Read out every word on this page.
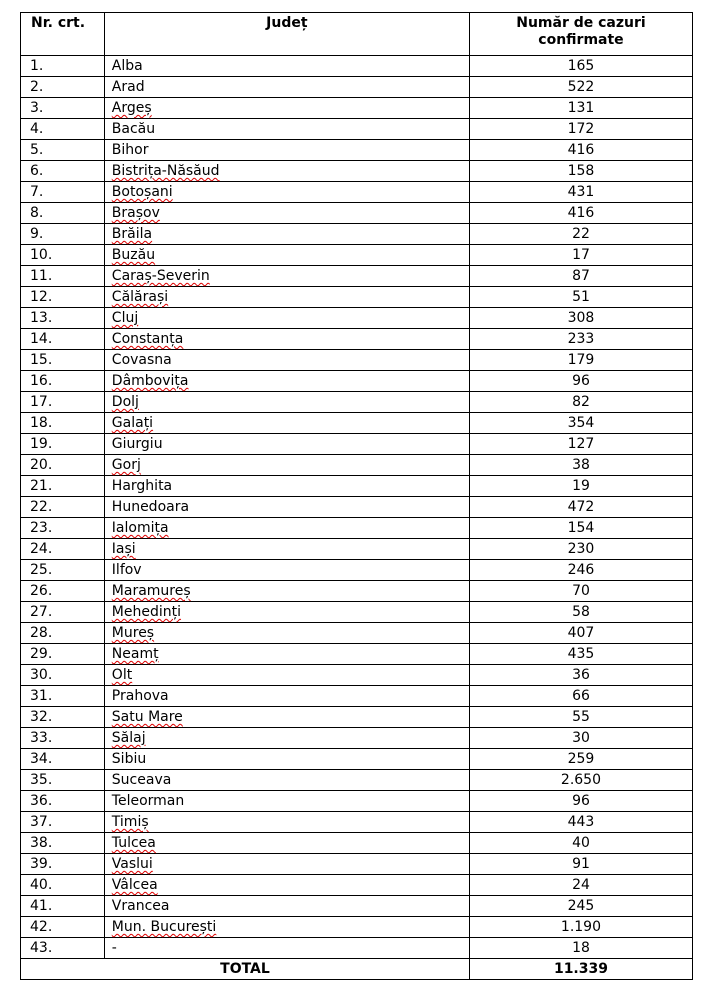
Nr. crt.	Județ	Număr de cazuri confirmate
1.	Alba	165
2.	Arad	522
3.	Argeș	131
4.	Bacău	172
5.	Bihor	416
6.	Bistrița-Năsăud	158
7.	Botoșani	431
8.	Brașov	416
9.	Brăila	22
10.	Buzău	17
11.	Caraș-Severin	87
12.	Călărași	51
13.	Cluj	308
14.	Constanța	233
15.	Covasna	179
16.	Dâmbovița	96
17.	Dolj	82
18.	Galați	354
19.	Giurgiu	127
20.	Gorj	38
21.	Harghita	19
22.	Hunedoara	472
23.	Ialomița	154
24.	Iași	230
25.	Ilfov	246
26.	Maramureș	70
27.	Mehedinți	58
28.	Mureș	407
29.	Neamț	435
30.	Olt	36
31.	Prahova	66
32.	Satu Mare	55
33.	Sălaj	30
34.	Sibiu	259
35.	Suceava	2.650
36.	Teleorman	96
37.	Timiș	443
38.	Tulcea	40
39.	Vaslui	91
40.	Vâlcea	24
41.	Vrancea	245
42.	Mun. București	1.190
43.	-	18
TOTAL		11.339
